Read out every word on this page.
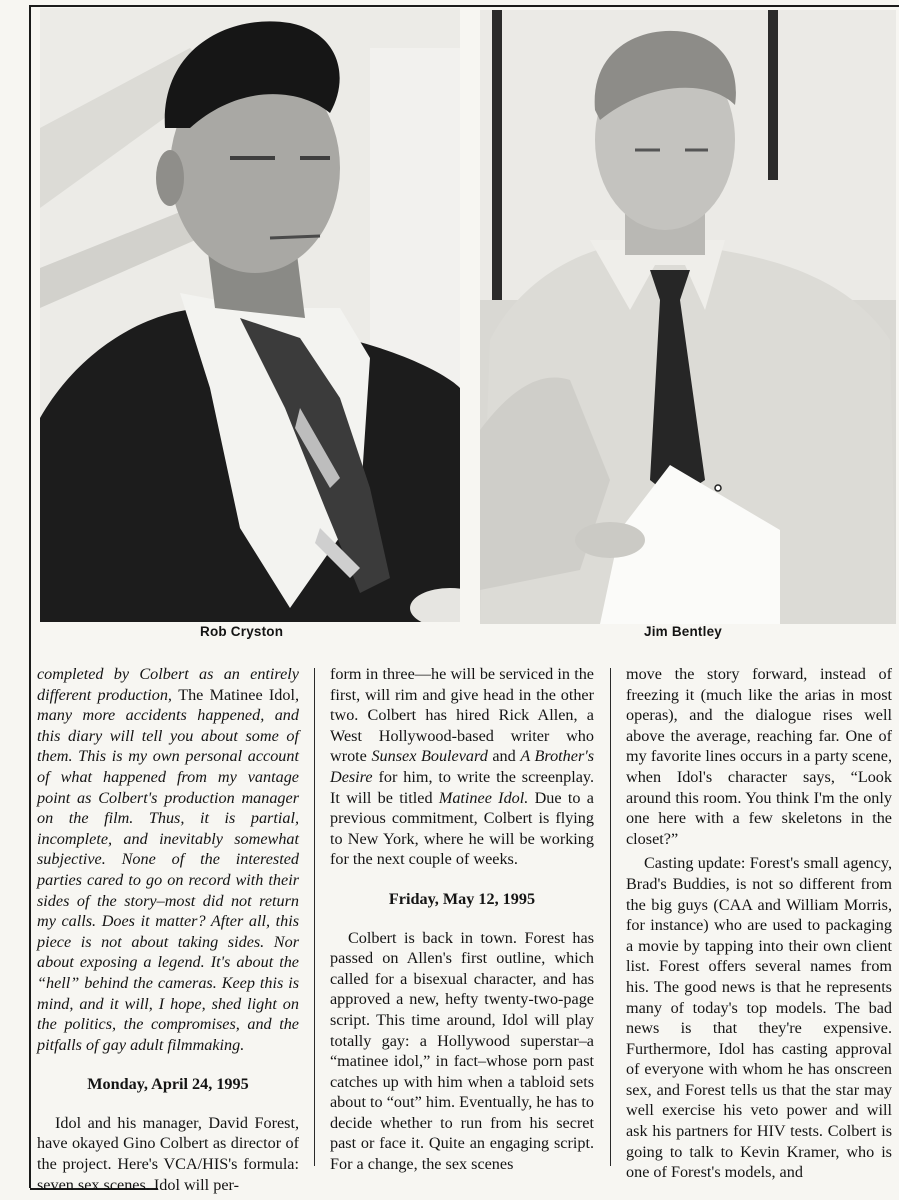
Rob Cryston	Jim Bentley

completed by Colbert as an entirely different production, The Matinee Idol, many more accidents happened, and this diary will tell you about some of them. This is my own personal account of what happened from my vantage point as Colbert's production manager on the film. Thus, it is partial, incomplete, and inevitably somewhat subjective. None of the interested parties cared to go on record with their sides of the story–most did not return my calls. Does it matter? After all, this piece is not about taking sides. Nor about exposing a legend. It's about the “hell” behind the cameras. Keep this is mind, and it will, I hope, shed light on the politics, the compromises, and the pitfalls of gay adult filmmaking.

Monday, April 24, 1995

Idol and his manager, David Forest, have okayed Gino Colbert as director of the project. Here's VCA/HIS's formula: seven sex scenes. Idol will per-

form in three—he will be serviced in the first, will rim and give head in the other two. Colbert has hired Rick Allen, a West Hollywood-based writer who wrote Sunsex Boulevard and A Brother's Desire for him, to write the screenplay. It will be titled Matinee Idol. Due to a previous commitment, Colbert is flying to New York, where he will be working for the next couple of weeks.

Friday, May 12, 1995

Colbert is back in town. Forest has passed on Allen's first outline, which called for a bisexual character, and has approved a new, hefty twenty-two-page script. This time around, Idol will play totally gay: a Hollywood superstar–a “matinee idol,” in fact–whose porn past catches up with him when a tabloid sets about to “out” him. Eventually, he has to decide whether to run from his secret past or face it. Quite an engaging script. For a change, the sex scenes

move the story forward, instead of freezing it (much like the arias in most operas), and the dialogue rises well above the average, reaching far. One of my favorite lines occurs in a party scene, when Idol's character says, “Look around this room. You think I'm the only one here with a few skeletons in the closet?”

Casting update: Forest's small agency, Brad's Buddies, is not so different from the big guys (CAA and William Morris, for instance) who are used to packaging a movie by tapping into their own client list. Forest offers several names from his. The good news is that he represents many of today's top models. The bad news is that they're expensive. Furthermore, Idol has casting approval of everyone with whom he has onscreen sex, and Forest tells us that the star may well exercise his veto power and will ask his partners for HIV tests. Colbert is going to talk to Kevin Kramer, who is one of Forest's models, and
